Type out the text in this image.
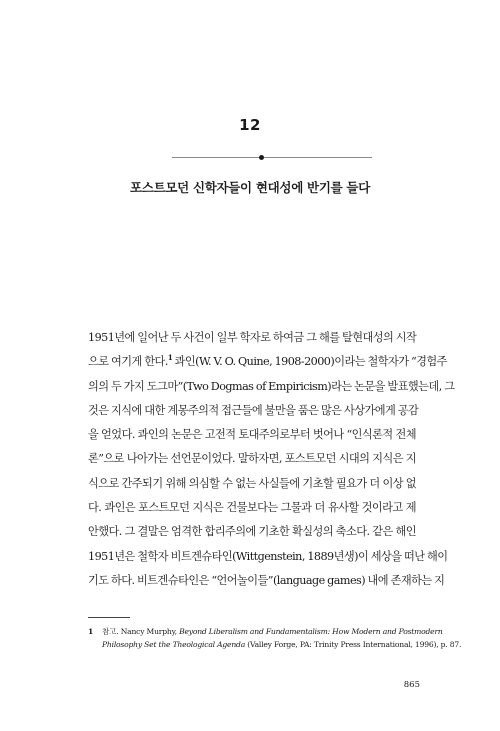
12
포스트모던 신학자들이 현대성에 반기를 들다
1951년에 일어난 두 사건이 일부 학자로 하여금 그 해를 탈현대성의 시작
으로 여기게 한다.$^1$ 콰인(W. V. O. Quine, 1908-2000)이라는 철학자가 “경험주
의의 두 가지 도그마”(Two Dogmas of Empiricism)라는 논문을 발표했는데, 그
것은 지식에 대한 계몽주의적 접근들에 불만을 품은 많은 사상가에게 공감
을 얻었다. 콰인의 논문은 고전적 토대주의로부터 벗어나 “인식론적 전체
론”으로 나아가는 선언문이었다. 말하자면, 포스트모던 시대의 지식은 지
식으로 간주되기 위해 의심할 수 없는 사실들에 기초할 필요가 더 이상 없
다. 콰인은 포스트모던 지식은 건물보다는 그물과 더 유사할 것이라고 제
안했다. 그 결말은 엄격한 합리주의에 기초한 확실성의 축소다. 같은 해인
1951년은 철학자 비트겐슈타인(Wittgenstein, 1889년생)이 세상을 떠난 해이
기도 하다. 비트겐슈타인은 “언어놀이들”(language games) 내에 존재하는 지
1 참고. Nancy Murphy, Beyond Liberalism and Fundamentalism: How Modern and Postmodern
Philosophy Set the Theological Agenda (Valley Forge, PA: Trinity Press International, 1996), p. 87.
865
